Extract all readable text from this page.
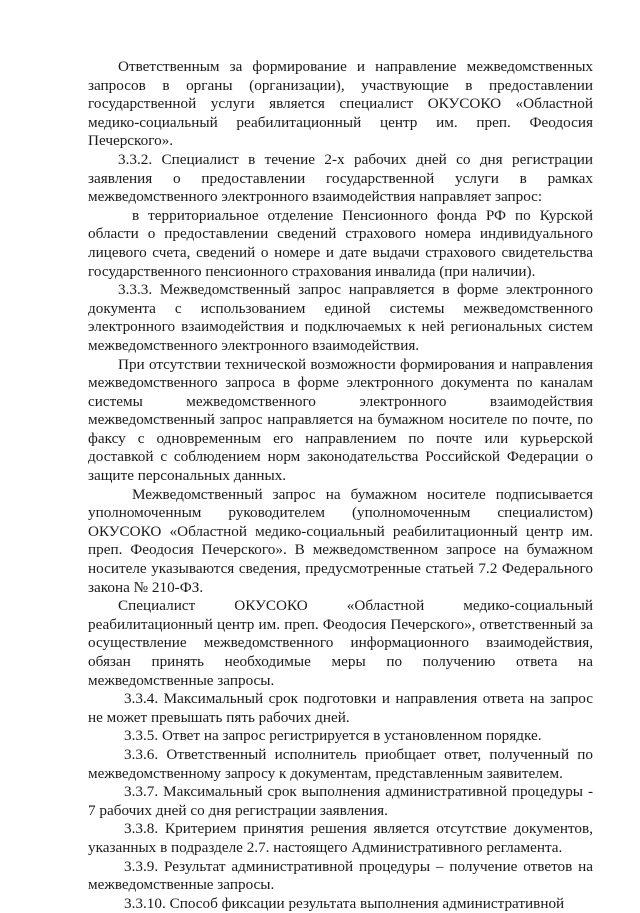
Ответственным за формирование и направление межведомственных запросов в органы (организации), участвующие в предоставлении государственной услуги является специалист ОКУСОКО «Областной медико-социальный реабилитационный центр им. преп. Феодосия Печерского».

3.3.2. Специалист в течение 2-х рабочих дней со дня регистрации заявления о предоставлении государственной услуги в рамках межведомственного электронного взаимодействия направляет запрос:

в территориальное отделение Пенсионного фонда РФ по Курской области о предоставлении сведений страхового номера индивидуального лицевого счета, сведений о номере и дате выдачи страхового свидетельства государственного пенсионного страхования инвалида (при наличии).

3.3.3. Межведомственный запрос направляется в форме электронного документа с использованием единой системы межведомственного электронного взаимодействия и подключаемых к ней региональных систем межведомственного электронного взаимодействия.

При отсутствии технической возможности формирования и направления межведомственного запроса в форме электронного документа по каналам системы межведомственного электронного взаимодействия межведомственный запрос направляется на бумажном носителе по почте, по факсу с одновременным его направлением по почте или курьерской доставкой с соблюдением норм законодательства Российской Федерации о защите персональных данных.

Межведомственный запрос на бумажном носителе подписывается уполномоченным руководителем (уполномоченным специалистом) ОКУСОКО «Областной медико-социальный реабилитационный центр им. преп. Феодосия Печерского». В межведомственном запросе на бумажном носителе указываются сведения, предусмотренные статьей 7.2 Федерального закона № 210-ФЗ.

Специалист ОКУСОКО «Областной медико-социальный реабилитационный центр им. преп. Феодосия Печерского», ответственный за осуществление межведомственного информационного взаимодействия, обязан принять необходимые меры по получению ответа на межведомственные запросы.

3.3.4. Максимальный срок подготовки и направления ответа на запрос не может превышать пять рабочих дней.

3.3.5. Ответ на запрос регистрируется в установленном порядке.

3.3.6. Ответственный исполнитель приобщает ответ, полученный по межведомственному запросу к документам, представленным заявителем.

3.3.7. Максимальный срок выполнения административной процедуры - 7 рабочих дней со дня регистрации заявления.

3.3.8. Критерием принятия решения является отсутствие документов, указанных в подразделе 2.7. настоящего Административного регламента.

3.3.9. Результат административной процедуры – получение ответов на межведомственные запросы.

3.3.10. Способ фиксации результата выполнения административной
